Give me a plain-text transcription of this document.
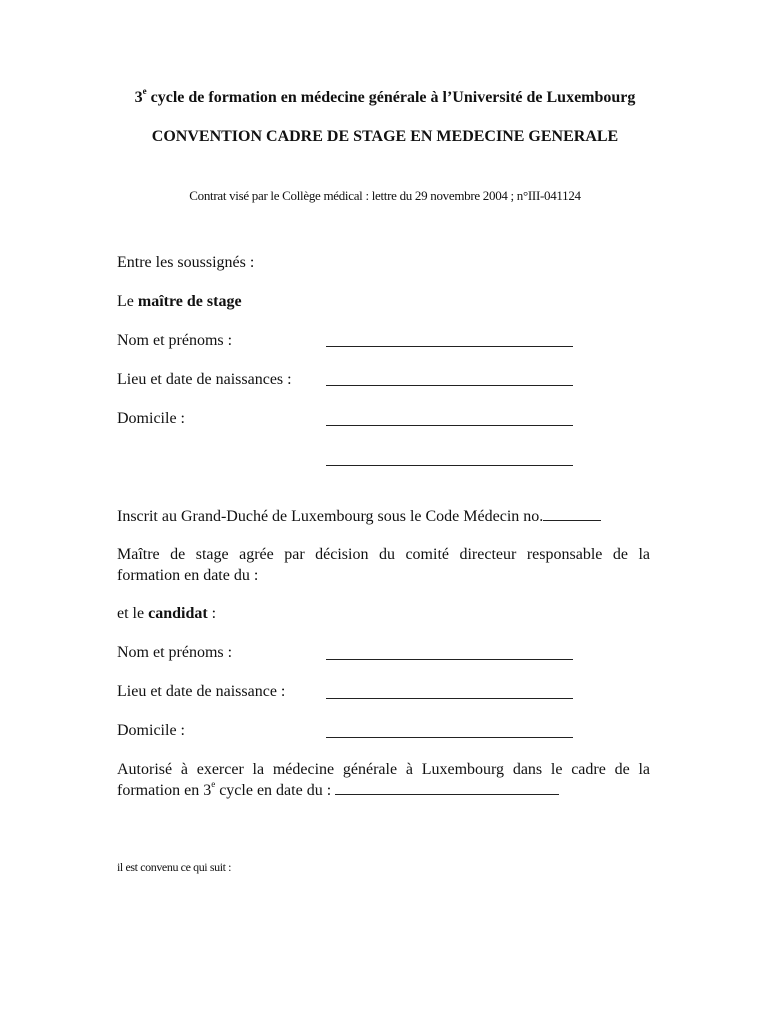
3e cycle de formation en médecine générale à l’Université de Luxembourg
CONVENTION CADRE DE STAGE EN MEDECINE GENERALE
Contrat visé par le Collège médical : lettre du 29 novembre 2004 ; n°III-041124
Entre les soussignés :
Le maître de stage
Nom et prénoms :
Lieu et date de naissances :
Domicile :
Inscrit au Grand-Duché de Luxembourg sous le Code Médecin no.
Maître de stage agrée par décision du comité directeur responsable de la
formation en date du :
et le candidat :
Nom et prénoms :
Lieu et date de naissance :
Domicile :
Autorisé à exercer la médecine générale à Luxembourg dans le cadre de la
formation en 3e cycle en date du :
il est convenu ce qui suit :
